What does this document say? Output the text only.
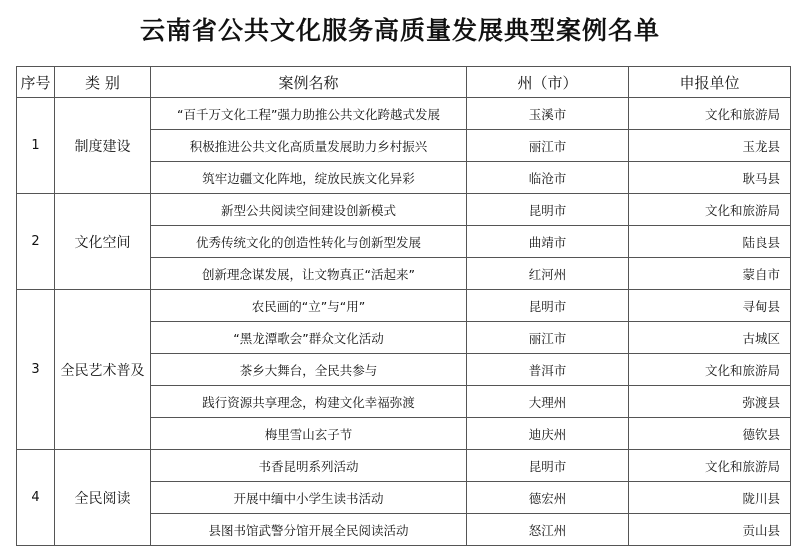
云南省公共文化服务高质量发展典型案例名单
序号	类 别	案例名称	州（市）	申报单位
1	制度建设	“百千万文化工程”强力助推公共文化跨越式发展	玉溪市	文化和旅游局
		积极推进公共文化高质量发展助力乡村振兴	丽江市	玉龙县
		筑牢边疆文化阵地，绽放民族文化异彩	临沧市	耿马县
2	文化空间	新型公共阅读空间建设创新模式	昆明市	文化和旅游局
		优秀传统文化的创造性转化与创新型发展	曲靖市	陆良县
		创新理念谋发展，让文物真正“活起来”	红河州	蒙自市
3	全民艺术普及	农民画的“立”与“用”	昆明市	寻甸县
		“黑龙潭歌会”群众文化活动	丽江市	古城区
		茶乡大舞台，全民共参与	普洱市	文化和旅游局
		践行资源共享理念，构建文化幸福弥渡	大理州	弥渡县
		梅里雪山玄子节	迪庆州	德钦县
4	全民阅读	书香昆明系列活动	昆明市	文化和旅游局
		开展中缅中小学生读书活动	德宏州	陇川县
		县图书馆武警分馆开展全民阅读活动	怒江州	贡山县
